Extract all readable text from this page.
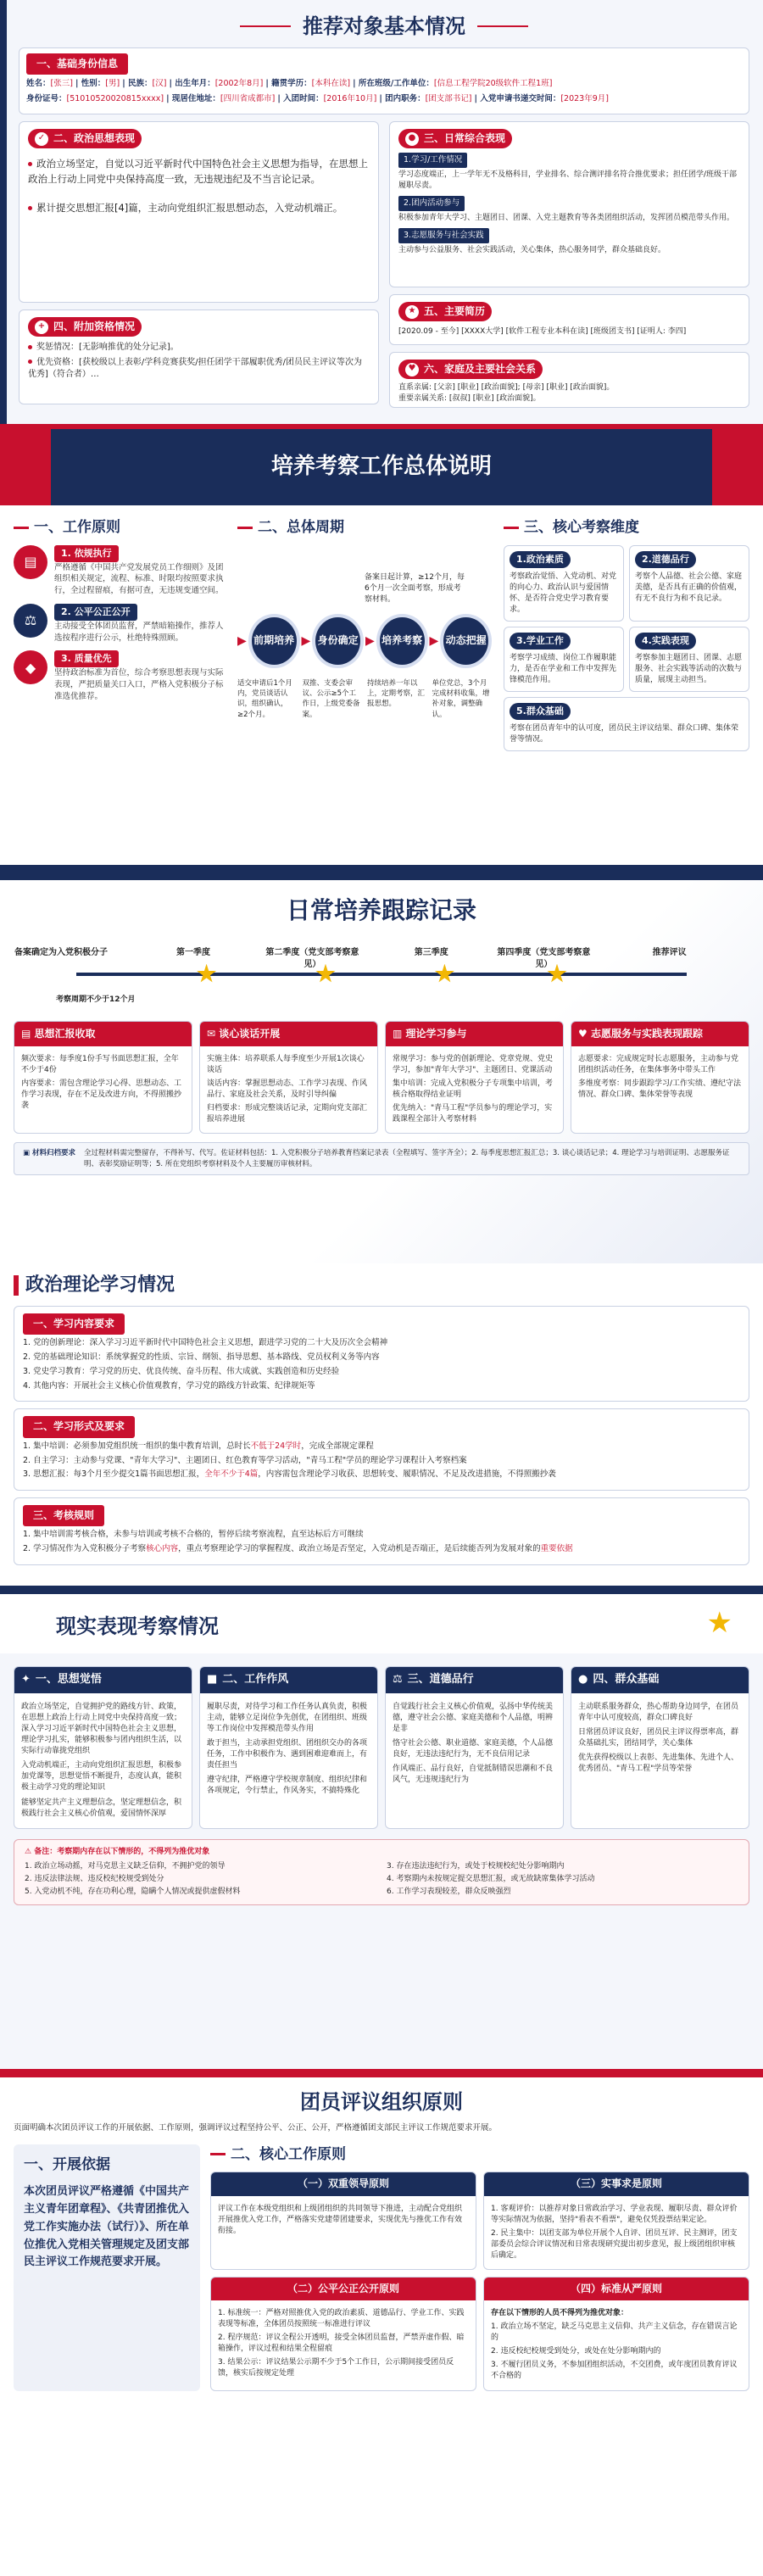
推荐对象基本情况
一、基础身份信息
姓名：[张三] | 性别：[男] | 民族：[汉] | 出生年月：[2002年8月] | 籍贯学历：[本科在读] | 所在班级/工作单位：[信息工程学院20级软件工程1班]
身份证号：[510105200208​15xxxx] | 现居住地址：[四川省成都市] | 入团时间：[2016年10月] | 团内职务：[团支部书记] | 入党申请书递交时间：[2023年9月]
✓ 二、政治思想表现
政治立场坚定，自觉以习近平新时代中国特色社会主义思想为指导，在思想上政治上行动上同党中央保持高度一致，无违规违纪及不当言论记录。
累计提交思想汇报[4]篇，主动向党组织汇报思想动态，入党动机端正。
+ 四、附加资格情况
奖惩情况：[无影响推优的处分记录]。
优先资格：[获校级以上表彰/学科竞赛获奖/担任团学干部履职优秀/团员民主评议等次为优秀]（符合者）…
● 三、日常综合表现
1.学习/工作情况
学习态度端正，上一学年无不及格科目，学业排名、综合测评排名符合推优要求；担任团学/班级干部履职尽责。
2.团内活动参与
积极参加青年大学习、主题团日、团课、入党主题教育等各类团组织活动，发挥团员模范带头作用。
3.志愿服务与社会实践
主动参与公益服务、社会实践活动，关心集体，热心服务同学，群众基础良好。
★ 五、主要简历
[2020.09 - 至今] [XXXX大学] [软件工程专业本科在读] [班级团支书] [证明人: 李四]
♥ 六、家庭及主要社会关系
直系亲属: [父亲] [职业] [政治面貌]; [母亲] [职业] [政治面貌]。
重要亲属关系: [叔叔] [职业] [政治面貌]。
培养考察工作总体说明
一、工作原则
▤
1. 依规执行
严格遵循《中国共产党发展党员工作细则》及团组织相关规定，流程、标准、时限均按照要求执行，全过程留痕，有据可查，无违规变通空间。
⚖
2. 公平公正公开
主动接受全体团员监督，严禁暗箱操作，推荐人选按程序进行公示，杜绝特殊照顾。
◆
3. 质量优先
坚持政治标准为首位，综合考察思想表现与实际表现，严把质量关口入口，严格入党积极分子标准选优推荐。
二、总体周期
备案日起计算，≥12个月，每6个月一次全面考察，形成考察材料。
▶ 前期培养 ▶ 身份确定 ▶ 培养考察 ▶ 动态把握
适交申请后1个月内，党员谈话认识，组织确认，≥2个月。
双推、支委会审议、公示≥5个工作日，上级党委备案。
持续培养一年以上，定期考察，汇报思想。
单位党总，3个月完成材料收集，增补对象，调整确认。
三、核心考察维度
1.政治素质
考察政治觉悟、入党动机、对党的向心力、政治认识与爱国情怀、是否符合党史学习教育要求。
2.道德品行
考察个人品德、社会公德、家庭美德，是否具有正确的价值观，有无不良行为和不良记录。
3.学业工作
考察学习成绩、岗位工作履职能力，是否在学业和工作中发挥先锋模范作用。
4.实践表现
考察参加主题团日、团课、志愿服务、社会实践等活动的次数与质量，展现主动担当。
5.群众基础
考察在团员青年中的认可度，团员民主评议结果、群众口碑、集体荣誉等情况。
日常培养跟踪记录
备案确定为入党积极分子	第一季度	第二季度（党支部考察意见）
第三季度	第四季度（党支部考察意见）
推荐评议
考察周期不少于12个月
▤ 思想汇报收取

频次要求：每季度1份手写书面思想汇报，全年不少于4份

内容要求：需包含理论学习心得、思想动态、工作学习表现，存在不足及改进方向，不得照搬抄袭

✉ 谈心谈话开展

实施主体：培养联系人每季度至少开展1次谈心谈话

谈话内容：掌握思想动态、工作学习表现、作风品行、家庭及社会关系，及时引导纠偏

归档要求：形成完整谈话记录，定期向党支部汇报培养进展

▥ 理论学习参与

常规学习：参与党的创新理论、党章党规、党史学习，参加"青年大学习"、主题团日、党课活动

集中培训：完成入党积极分子专项集中培训，考核合格取得结业证明

优先纳入："青马工程"学员参与的理论学习，实践课程全部计入考察材料

♥ 志愿服务与实践表现跟踪

志愿要求：完成规定时长志愿服务，主动参与党团组织活动任务，在集体事务中带头工作

多维度考察：同步跟踪学习/工作实绩、遵纪守法情况、群众口碑、集体荣誉等表现

▣ 材料归档要求 全过程材料需完整留存，不得补写、代写。佐证材料包括：1. 入党积极分子培养教育档案记录表（全程填写、签字齐全）；2. 每季度思想汇报汇总；3. 谈心谈话记录；4. 理论学习与培训证明、志愿服务证明、表彰奖励证明等；5. 所在党组织考察材料及个人主要履历审核材料。
政治理论学习情况
一、学习内容要求
1. 党的创新理论：深入学习习近平新时代中国特色社会主义思想，跟进学习党的二十大及历次全会精神
2. 党的基础理论知识：系统掌握党的性质、宗旨、纲领、指导思想、基本路线、党员权利义务等内容
3. 党史学习教育：学习党的历史、优良传统、奋斗历程、伟大成就、实践创造和历史经验
4. 其他内容：开展社会主义核心价值观教育，学习党的路线方针政策、纪律规矩等
二、学习形式及要求
1. 集中培训：必须参加党组织统一组织的集中教育培训，总时长不低于24学时，完成全部规定课程
2. 自主学习：主动参与党课、"青年大学习"、主题团日、红色教育等学习活动，"青马工程"学员的理论学习课程计入考察档案
3. 思想汇报：每3个月至少提交1篇书面思想汇报，全年不少于4篇，内容需包含理论学习收获、思想转变、履职情况、不足及改进措施，不得照搬抄袭
三、考核规则
1. 集中培训需考核合格，未参与培训或考核不合格的，暂停后续考察流程，直至达标后方可继续
2. 学习情况作为入党积极分子考察核心内容，重点考察理论学习的掌握程度、政治立场是否坚定，入党动机是否端正，是后续能否列为发展对象的重要依据
现实表现考察情况	★
✦ 一、思想觉悟

政治立场坚定，自觉拥护党的路线方针、政策，在思想上政治上行动上同党中央保持高度一致；深入学习习近平新时代中国特色社会主义思想，理论学习扎实，能够积极参与团内组织生活，以实际行动靠拢党组织

入党动机端正，主动向党组织汇报思想，积极参加党课等，思想觉悟不断提升，态度认真，能积极主动学习党的理论知识

能够坚定共产主义理想信念，坚定理想信念，积极践行社会主义核心价值观，爱国情怀深厚

■ 二、工作作风

履职尽责，对待学习和工作任务认真负责，积极主动，能够立足岗位争先创优，在团组织、班级等工作岗位中发挥模范带头作用

敢于担当，主动承担党组织、团组织交办的各项任务，工作中积极作为、遇到困难迎难而上，有责任担当

遵守纪律，严格遵守学校规章制度、组织纪律和各项规定，令行禁止，作风务实，不搞特殊化

⚖ 三、道德品行

自觉践行社会主义核心价值观，弘扬中华传统美德，遵守社会公德、家庭美德和个人品德，明辨是非

恪守社会公德、职业道德、家庭美德，个人品德良好，无违法违纪行为，无不良信用记录

作风端正、品行良好，自觉抵制错误思潮和不良风气，无违规违纪行为

● 四、群众基础

主动联系服务群众，热心帮助身边同学，在团员青年中认可度较高，群众口碑良好

日常团员评议良好，团员民主评议得票率高，群众基础扎实，团结同学，关心集体

优先获得校级以上表彰、先进集体、先进个人、优秀团员、"青马工程"学员等荣誉

⚠ 备注：考察期内存在以下情形的，不得列为推优对象
1. 政治立场动摇，对马克思主义缺乏信仰，不拥护党的领导	3. 存在违法违纪行为，或处于校规校纪处分影响期内
2. 违反法律法规、违反校纪校规受到处分	4. 考察期内未按规定提交思想汇报，或无故缺席集体学习活动
5. 入党动机不纯，存在功利心理，隐瞒个人情况或提供虚假材料	6. 工作学习表现较差，群众反映强烈
团员评议组织原则
页面明确本次团员评议工作的开展依据、工作原则，强调评议过程坚持公平、公正、公开，严格遵循团支部民主评议工作规范要求开展。
一、开展依据

本次团员评议严格遵循《中国共产主义青年团章程》、《共青团推优入党工作实施办法（试行）》、所在单位推优入党相关管理规定及团支部民主评议工作规范要求开展。

二、核心工作原则
（一）双重领导原则

评议工作在本级党组织和上级团组织的共同领导下推进，主动配合党组织开展推优入党工作，严格落实党建带团建要求，实现优先与推优工作有效衔接。

（三）实事求是原则

1. 客观评价：以推荐对象日常政治学习、学业表现、履职尽责、群众评价等实际情况为依据，坚持"看表不看票"，避免仅凭投票结果定论。

2. 民主集中：以团支部为单位开展个人自评、团员互评、民主测评，团支部委员会综合评议情况和日常表现研究提出初步意见，报上级团组织审核后确定。

（二）公平公正公开原则

1. 标准统一：严格对照推优入党的政治素质、道德品行、学业工作、实践表现等标准，全体团员按照统一标准进行评议

2. 程序规范：评议全程公开透明，接受全体团员监督，严禁弄虚作假、暗箱操作，评议过程和结果全程留痕

3. 结果公示：评议结果公示期不少于5个工作日，公示期间接受团员反馈，核实后按规定处理

（四）标准从严原则

存在以下情形的人员不得列为推优对象：

1. 政治立场不坚定，缺乏马克思主义信仰、共产主义信念，存在错误言论的

2. 违反校纪校规受到处分，或处在处分影响期内的

3. 不履行团员义务，不参加团组织活动，不交团费，或年度团员教育评议不合格的
